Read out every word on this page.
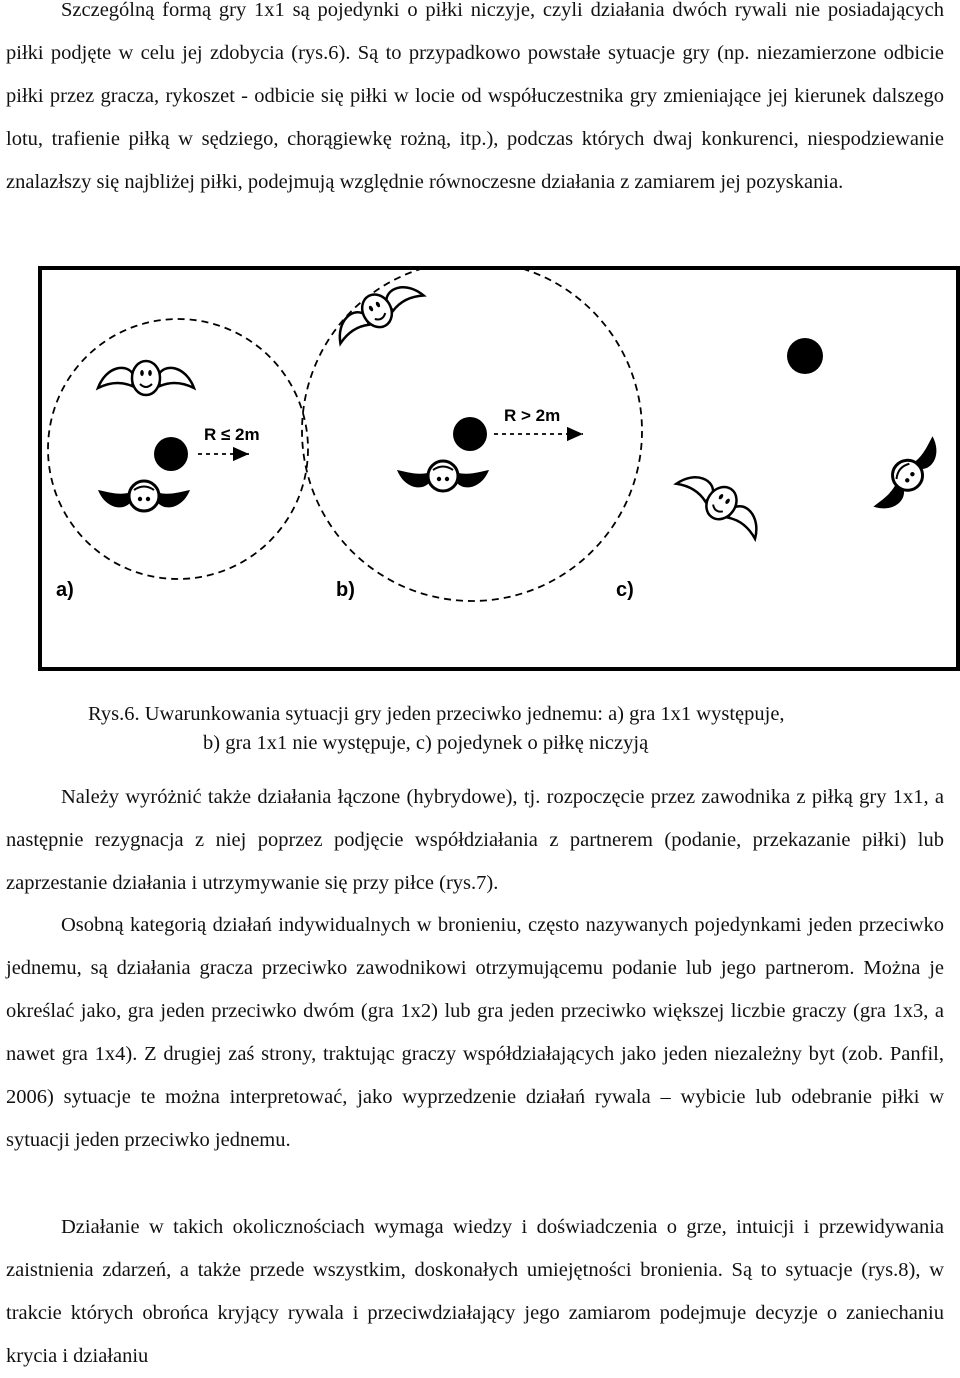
Szczególną formą gry 1x1 są pojedynki o piłki niczyje, czyli działania dwóch rywali nie posiadających piłki podjęte w celu jej zdobycia (rys.6). Są to przypadkowo powstałe sytuacje gry (np. niezamierzone odbicie piłki przez gracza, rykoszet - odbicie się piłki w locie od współuczestnika gry zmieniające jej kierunek dalszego lotu, trafienie piłką w sędziego, chorągiewkę rożną, itp.), podczas których dwaj konkurenci, niespodziewanie znalazłszy się najbliżej piłki, podejmują względnie równoczesne działania z zamiarem jej pozyskania.

R ≤ 2m
R > 2m
a)	b)	c)
Rys.6. Uwarunkowania sytuacji gry jeden przeciwko jednemu: a) gra 1x1 występuje,
b) gra 1x1 nie występuje, c) pojedynek o piłkę niczyją

Należy wyróżnić także działania łączone (hybrydowe), tj. rozpoczęcie przez zawodnika z piłką gry 1x1, a następnie rezygnacja z niej poprzez podjęcie współdziałania z partnerem (podanie, przekazanie piłki) lub zaprzestanie działania i utrzymywanie się przy piłce (rys.7).

Osobną kategorią działań indywidualnych w bronieniu, często nazywanych pojedynkami jeden przeciwko jednemu, są działania gracza przeciwko zawodnikowi otrzymującemu podanie lub jego partnerom. Można je określać jako, gra jeden przeciwko dwóm (gra 1x2) lub gra jeden przeciwko większej liczbie graczy (gra 1x3, a nawet gra 1x4). Z drugiej zaś strony, traktując graczy współdziałających jako jeden niezależny byt (zob. Panfil, 2006) sytuacje te można interpretować, jako wyprzedzenie działań rywala – wybicie lub odebranie piłki w sytuacji jeden przeciwko jednemu.

Działanie w takich okolicznościach wymaga wiedzy i doświadczenia o grze, intuicji i przewidywania zaistnienia zdarzeń, a także przede wszystkim, doskonałych umiejętności bronienia. Są to sytuacje (rys.8), w trakcie których obrońca kryjący rywala i przeciwdziałający jego zamiarom podejmuje decyzje o zaniechaniu krycia i działaniu
